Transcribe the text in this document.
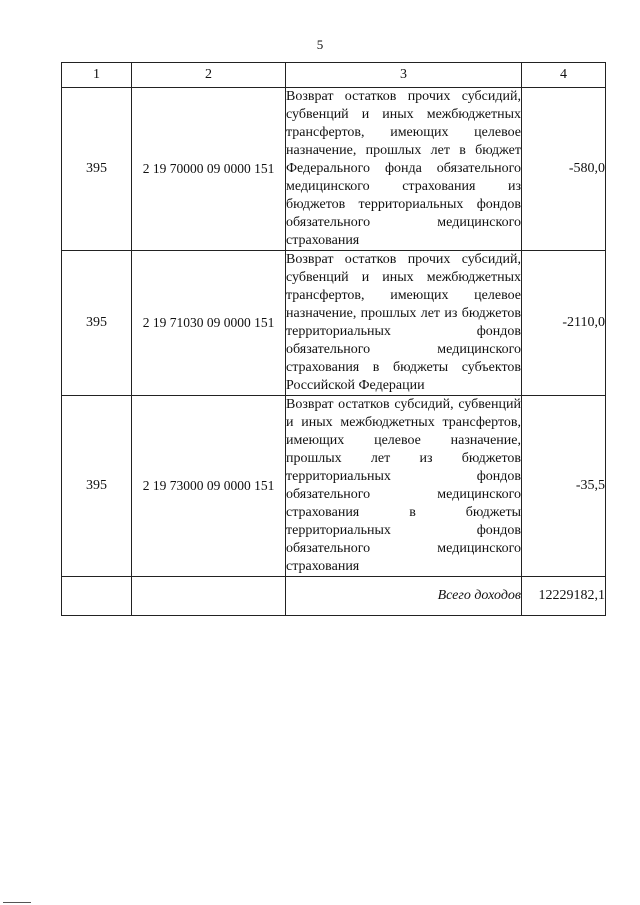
5
1	2	3	4
395	2 19 70000 09 0000 151	Возврат остатков прочих субсидий, субвенций и иных межбюджетных трансфертов, имеющих целевое назначение, прошлых лет в бюджет Федерального фонда обязательного медицинского страхования из бюджетов территориальных фондов обязательного медицинского страхования	-580,0
395	2 19 71030 09 0000 151	Возврат остатков прочих субсидий, субвенций и иных межбюджетных трансфертов, имеющих целевое назначение, прошлых лет из бюджетов территориальных фондов обязательного медицинского страхования в бюджеты субъектов Российской Федерации	-2110,0
395	2 19 73000 09 0000 151	Возврат остатков субсидий, субвенций и иных межбюджетных трансфертов, имеющих целевое назначение, прошлых лет из бюджетов территориальных фондов обязательного медицинского страхования в бюджеты территориальных фондов обязательного медицинского страхования	-35,5
		Всего доходов	12229182,1
